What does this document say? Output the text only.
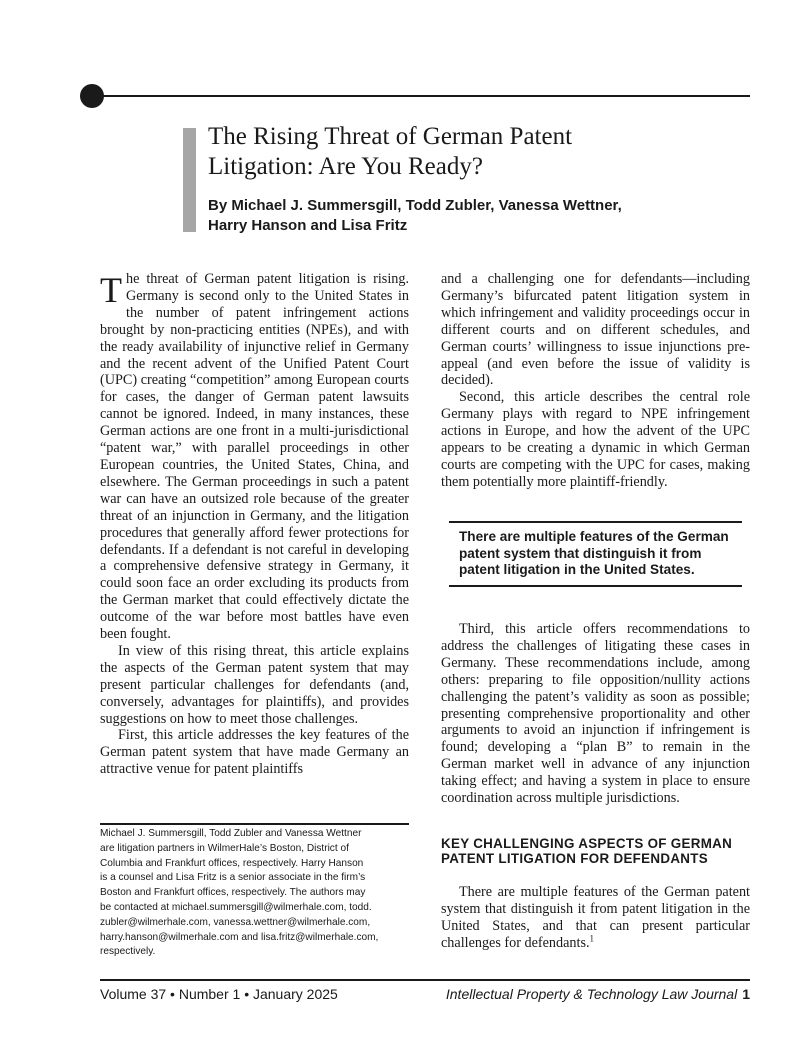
The Rising Threat of German Patent
Litigation: Are You Ready?

By Michael J. Summersgill, Todd Zubler, Vanessa Wettner,
Harry Hanson and Lisa Fritz

The threat of German patent litigation is rising. Germany is second only to the United States in the number of patent infringement actions brought by non-practicing entities (NPEs), and with the ready availability of injunctive relief in Germany and the recent advent of the Unified Patent Court (UPC) creating “competition” among European courts for cases, the danger of German patent lawsuits cannot be ignored. Indeed, in many instances, these German actions are one front in a multi-jurisdictional “patent war,” with parallel proceedings in other European countries, the United States, China, and elsewhere. The German proceedings in such a patent war can have an outsized role because of the greater threat of an injunction in Germany, and the litigation procedures that generally afford fewer protections for defendants. If a defendant is not careful in developing a comprehensive defensive strategy in Germany, it could soon face an order excluding its products from the German market that could effectively dictate the outcome of the war before most battles have even been fought.

In view of this rising threat, this article explains the aspects of the German patent system that may present particular challenges for defendants (and, conversely, advantages for plaintiffs), and provides suggestions on how to meet those challenges.

First, this article addresses the key features of the German patent system that have made Germany an attractive venue for patent plaintiffs

and a challenging one for defendants—including Germany’s bifurcated patent litigation system in which infringement and validity proceedings occur in different courts and on different schedules, and German courts’ willingness to issue injunctions pre-appeal (and even before the issue of validity is decided).

Second, this article describes the central role Germany plays with regard to NPE infringement actions in Europe, and how the advent of the UPC appears to be creating a dynamic in which German courts are competing with the UPC for cases, making them potentially more plaintiff-friendly.

There are multiple features of the German patent system that distinguish it from patent litigation in the United States.

Third, this article offers recommendations to address the challenges of litigating these cases in Germany. These recommendations include, among others: preparing to file opposition/nullity actions challenging the patent’s validity as soon as possible; presenting comprehensive proportionality and other arguments to avoid an injunction if infringement is found; developing a “plan B” to remain in the German market well in advance of any injunction taking effect; and having a system in place to ensure coordination across multiple jurisdictions.

KEY CHALLENGING ASPECTS OF GERMAN PATENT LITIGATION FOR DEFENDANTS

There are multiple features of the German patent system that distinguish it from patent litigation in the United States, and that can present particular challenges for defendants.$^1$

Michael J. Summersgill, Todd Zubler and Vanessa Wettner
are litigation partners in WilmerHale’s Boston, District of
Columbia and Frankfurt offices, respectively. Harry Hanson
is a counsel and Lisa Fritz is a senior associate in the firm’s
Boston and Frankfurt offices, respectively. The authors may
be contacted at michael.summersgill@wilmerhale.com, todd.
zubler@wilmerhale.com, vanessa.wettner@wilmerhale.com,
harry.hanson@wilmerhale.com and lisa.fritz@wilmerhale.com,
respectively.
Volume 37 • Number 1 • January 2025	Intellectual Property & Technology Law Journal 1
